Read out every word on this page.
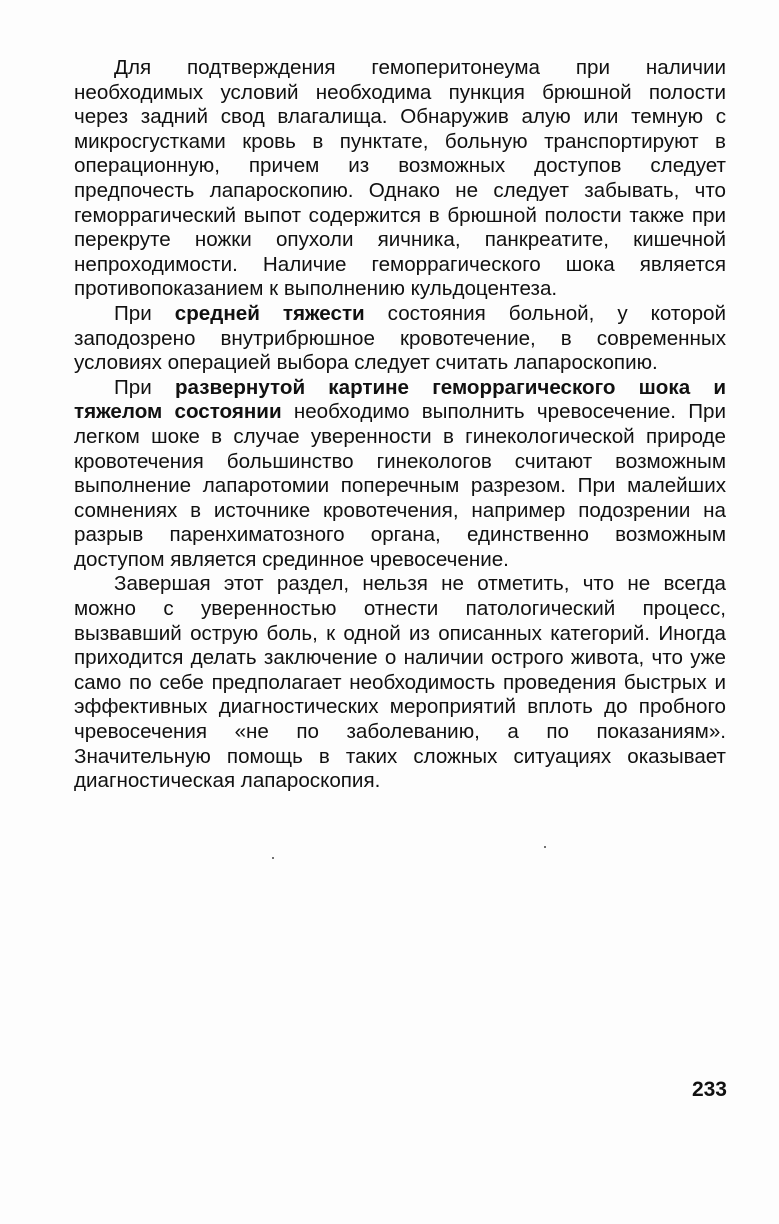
Для подтверждения гемоперитонеума при наличии необходимых условий необходима пункция брюшной полости через задний свод влагалища. Обнаружив алую или темную с микросгустками кровь в пунктате, больную транспортируют в операционную, причем из возможных доступов следует предпочесть лапароскопию. Однако не следует забывать, что геморрагический выпот содержится в брюшной полости также при перекруте ножки опухоли яичника, панкреатите, кишечной непроходимости. Наличие геморрагического шока является противопоказанием к выполнению кульдоцентеза.

При средней тяжести состояния больной, у которой заподозрено внутрибрюшное кровотечение, в современных условиях операцией выбора следует считать лапароскопию.

При развернутой картине геморрагического шока и тяжелом состоянии необходимо выполнить чревосечение. При легком шоке в случае уверенности в гинекологической природе кровотечения большинство гинекологов считают возможным выполнение лапаротомии поперечным разрезом. При малейших сомнениях в источнике кровотечения, например подозрении на разрыв паренхиматозного органа, единственно возможным доступом является срединное чревосечение.

Завершая этот раздел, нельзя не отметить, что не всегда можно с уверенностью отнести патологический процесс, вызвавший острую боль, к одной из описанных категорий. Иногда приходится делать заключение о наличии острого живота, что уже само по себе предполагает необходимость проведения быстрых и эффективных диагностических мероприятий вплоть до пробного чревосечения «не по заболеванию, а по показаниям». Значительную помощь в таких сложных ситуациях оказывает диагностическая лапароскопия.

233
